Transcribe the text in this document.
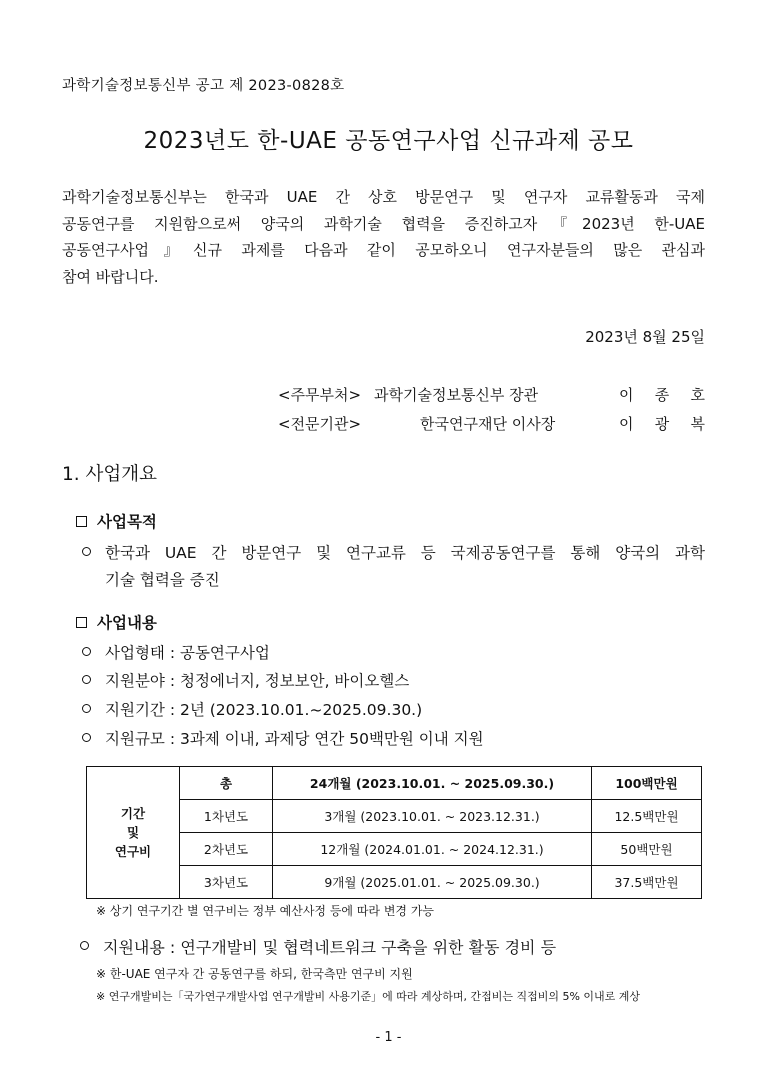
과학기술정보통신부 공고 제 2023-0828호
2023년도 한-UAE 공동연구사업 신규과제 공모
과학기술정보통신부는 한국과 UAE 간 상호 방문연구 및 연구자 교류활동과 국제
공동연구를 지원함으로써 양국의 과학기술 협력을 증진하고자『2023년 한-UAE
공동연구사업』신규 과제를 다음과 같이 공모하오니 연구자분들의 많은 관심과
참여 바랍니다.
2023년 8월 25일
<주무부처> 과학기술정보통신부 장관	이 종 호
<전문기관>	한국연구재단 이사장	이 광 복
1. 사업개요
사업목적
한국과 UAE 간 방문연구 및 연구교류 등 국제공동연구를 통해 양국의 과학
기술 협력을 증진
사업내용
사업형태 : 공동연구사업
지원분야 : 청정에너지, 정보보안, 바이오헬스
지원기간 : 2년 (2023.10.01.~2025.09.30.)
지원규모 : 3과제 이내, 과제당 연간 50백만원 이내 지원
기간
및
연구비	총	24개월 (2023.10.01. ~ 2025.09.30.)	100백만원
	1차년도	3개월 (2023.10.01. ~ 2023.12.31.)	12.5백만원
	2차년도	12개월 (2024.01.01. ~ 2024.12.31.)	50백만원
	3차년도	9개월 (2025.01.01. ~ 2025.09.30.)	37.5백만원
※ 상기 연구기간 별 연구비는 정부 예산사정 등에 따라 변경 가능
지원내용 : 연구개발비 및 협력네트워크 구축을 위한 활동 경비 등
※ 한-UAE 연구자 간 공동연구를 하되, 한국측만 연구비 지원
※ 연구개발비는「국가연구개발사업 연구개발비 사용기준」에 따라 계상하며, 간접비는 직접비의 5% 이내로 계상
- 1 -
